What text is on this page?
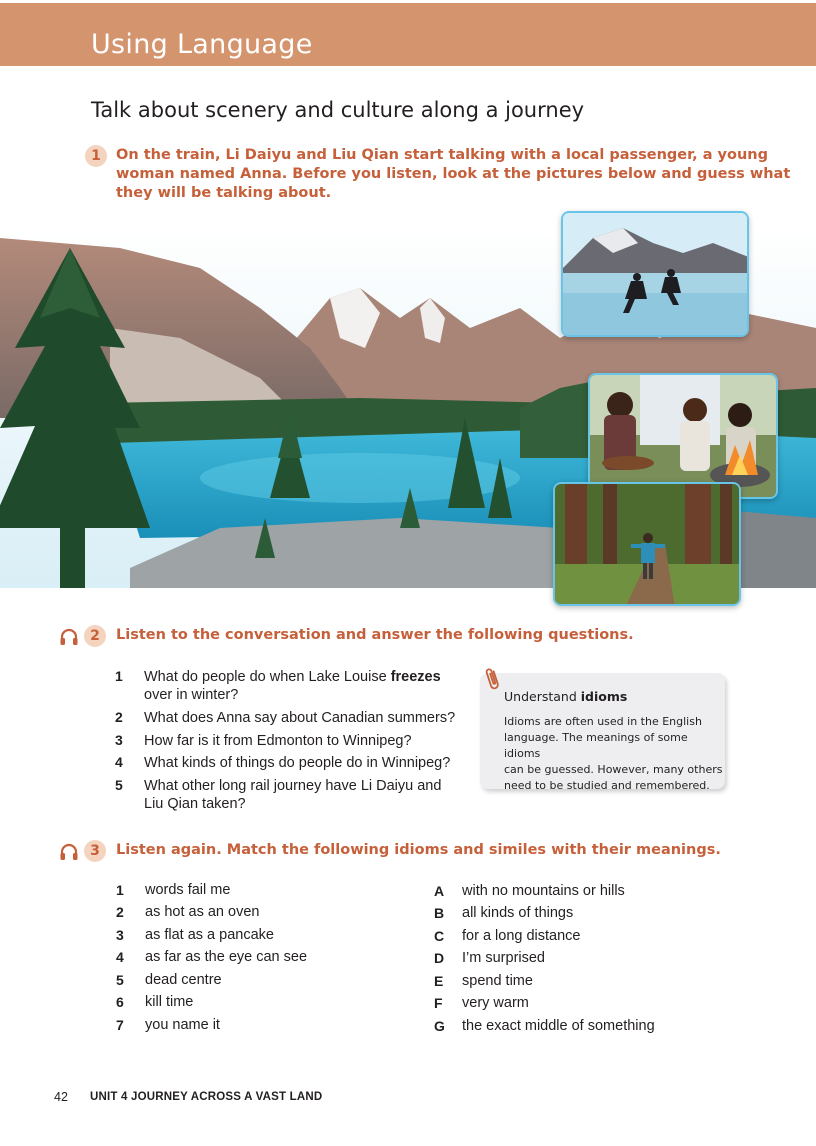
Using Language
Talk about scenery and culture along a journey
1	On the train, Li Daiyu and Liu Qian start talking with a local passenger, a young
woman named Anna. Before you listen, look at the pictures below and guess what
they will be talking about.
2	Listen to the conversation and answer the following questions.
1 What do people do when Lake Louise freezes
over in winter?
2 What does Anna say about Canadian summers?
3 How far is it from Edmonton to Winnipeg?
4 What kinds of things do people do in Winnipeg?
5 What other long rail journey have Li Daiyu and
Liu Qian taken?
Understand idioms
Idioms are often used in the English
language. The meanings of some idioms
can be guessed. However, many others
need to be studied and remembered.
3	Listen again. Match the following idioms and similes with their meanings.
1 words fail me
2 as hot as an oven
3 as flat as a pancake
4 as far as the eye can see
5 dead centre
6 kill time
7 you name it
A with no mountains or hills
B all kinds of things
C for a long distance
D I’m surprised
E spend time
F very warm
G the exact middle of something
42 UNIT 4 JOURNEY ACROSS A VAST LAND
